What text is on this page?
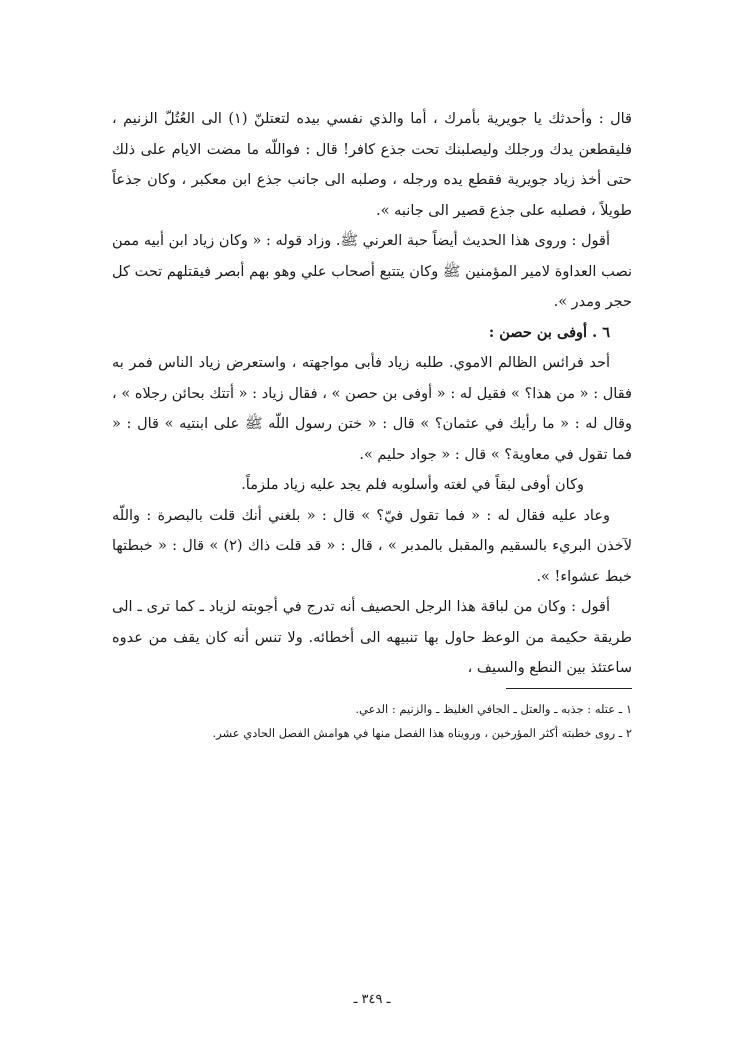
قال : وأحدثك يا جويرية بأمرك ، أما والذي نفسي بيده لتعتلنّ (١) الى العُتُلّ الزنيم ، فليقطعن يدك ورجلك وليصلبنك تحت جذع كافر! قال : فواللّه ما مضت الايام على ذلك حتى أخذ زياد جويرية فقطع يده ورجله ، وصلبه الى جانب جذع ابن معكبر ، وكان جذعاً طويلاً ، فصلبه على جذع قصير الى جانبه ».

أقول : وروى هذا الحديث أيضاً حبة العرني ﷺ. وزاد قوله : « وكان زياد ابن أبيه ممن نصب العداوة لامير المؤمنين ﷺ وكان يتتبع أصحاب علي وهو بهم أبصر فيقتلهم تحت كل حجر ومدر ».

٦ . أوفى بن حصن :

أحد فرائس الظالم الاموي. طلبه زياد فأبى مواجهته ، واستعرض زياد الناس فمر به فقال : « من هذا؟ » فقيل له : « أوفى بن حصن » ، فقال زياد : « أتتك بحائن رجلاه » ، وقال له : « ما رأيك في عثمان؟ » قال : « ختن رسول اللّه ﷺ على ابنتيه » قال : « فما تقول في معاوية؟ » قال : « جواد حليم ».

وكان أوفى لبقاً في لغته وأسلوبه فلم يجد عليه زياد ملزماً.

وعاد عليه فقال له : « فما تقول فيّ؟ » قال : « بلغني أنك قلت بالبصرة : واللّه لآخذن البريء بالسقيم والمقبل بالمدبر » ، قال : « قد قلت ذاك (٢) » قال : « خبطتها خبط عشواء! ».

أقول : وكان من لباقة هذا الرجل الحصيف أنه تدرج في أجوبته لزياد ـ كما ترى ـ الى طريقة حكيمة من الوعظ حاول بها تنبيهه الى أخطائه. ولا تنس أنه كان يقف من عدوه ساعتئذ بين النطع والسيف ،

١ ـ عتله : جذبه ـ والعتل ـ الجافي الغليظ ـ والزنيم : الدعي.

٢ ـ روى خطبته أكثر المؤرخين ، ورويناه هذا الفصل منها في هوامش الفصل الحادي عشر.

ـ ٣٤٩ ـ
